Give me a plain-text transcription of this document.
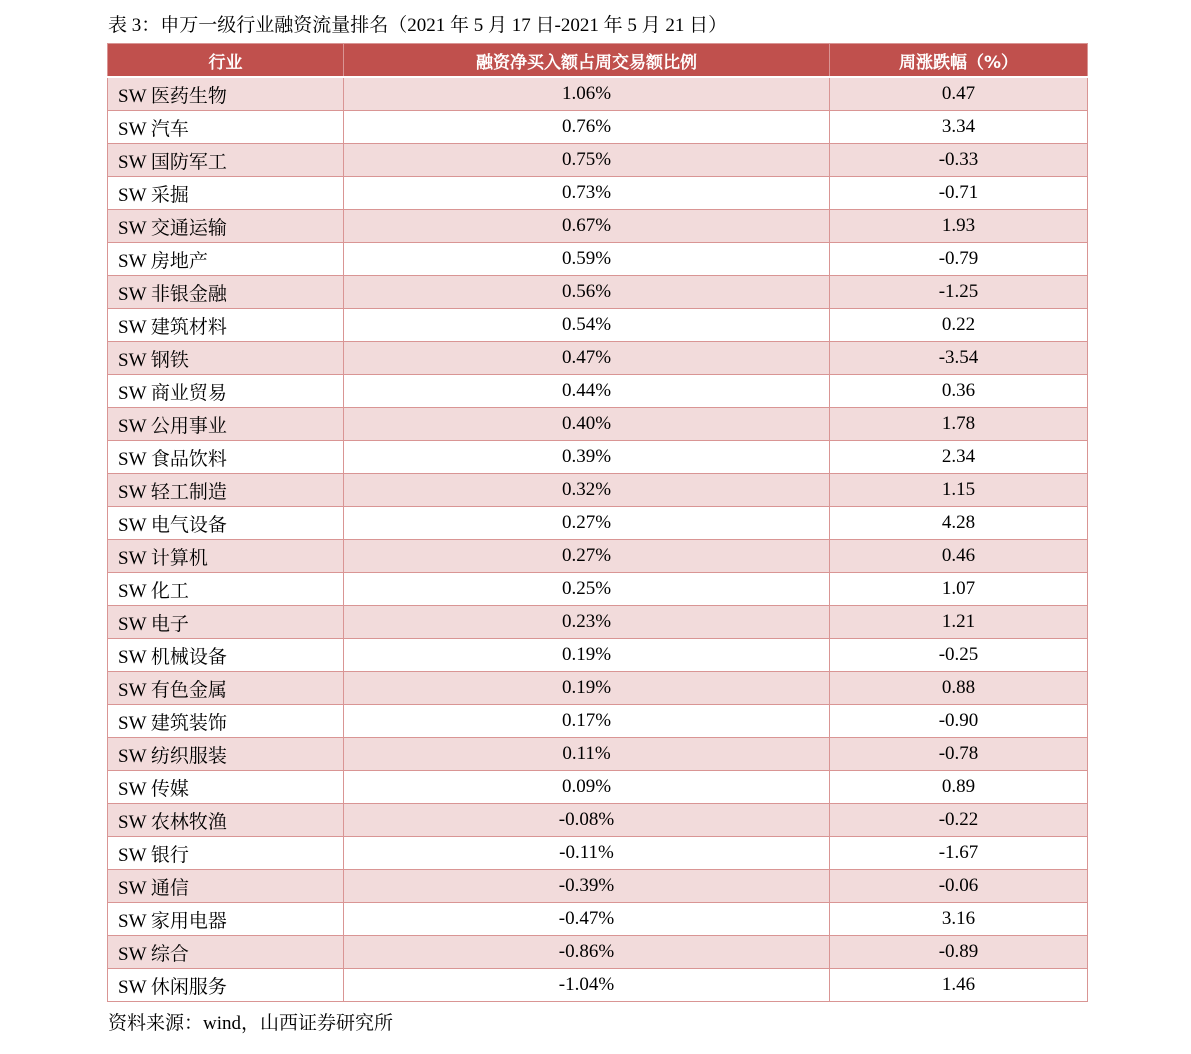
表 3：申万一级行业融资流量排名（2021 年 5 月 17 日-2021 年 5 月 21 日）
行业	融资净买入额占周交易额比例	周涨跌幅（%）
SW 医药生物	1.06%	0.47
SW 汽车	0.76%	3.34
SW 国防军工	0.75%	-0.33
SW 采掘	0.73%	-0.71
SW 交通运输	0.67%	1.93
SW 房地产	0.59%	-0.79
SW 非银金融	0.56%	-1.25
SW 建筑材料	0.54%	0.22
SW 钢铁	0.47%	-3.54
SW 商业贸易	0.44%	0.36
SW 公用事业	0.40%	1.78
SW 食品饮料	0.39%	2.34
SW 轻工制造	0.32%	1.15
SW 电气设备	0.27%	4.28
SW 计算机	0.27%	0.46
SW 化工	0.25%	1.07
SW 电子	0.23%	1.21
SW 机械设备	0.19%	-0.25
SW 有色金属	0.19%	0.88
SW 建筑装饰	0.17%	-0.90
SW 纺织服装	0.11%	-0.78
SW 传媒	0.09%	0.89
SW 农林牧渔	-0.08%	-0.22
SW 银行	-0.11%	-1.67
SW 通信	-0.39%	-0.06
SW 家用电器	-0.47%	3.16
SW 综合	-0.86%	-0.89
SW 休闲服务	-1.04%	1.46
资料来源：wind，山西证券研究所
